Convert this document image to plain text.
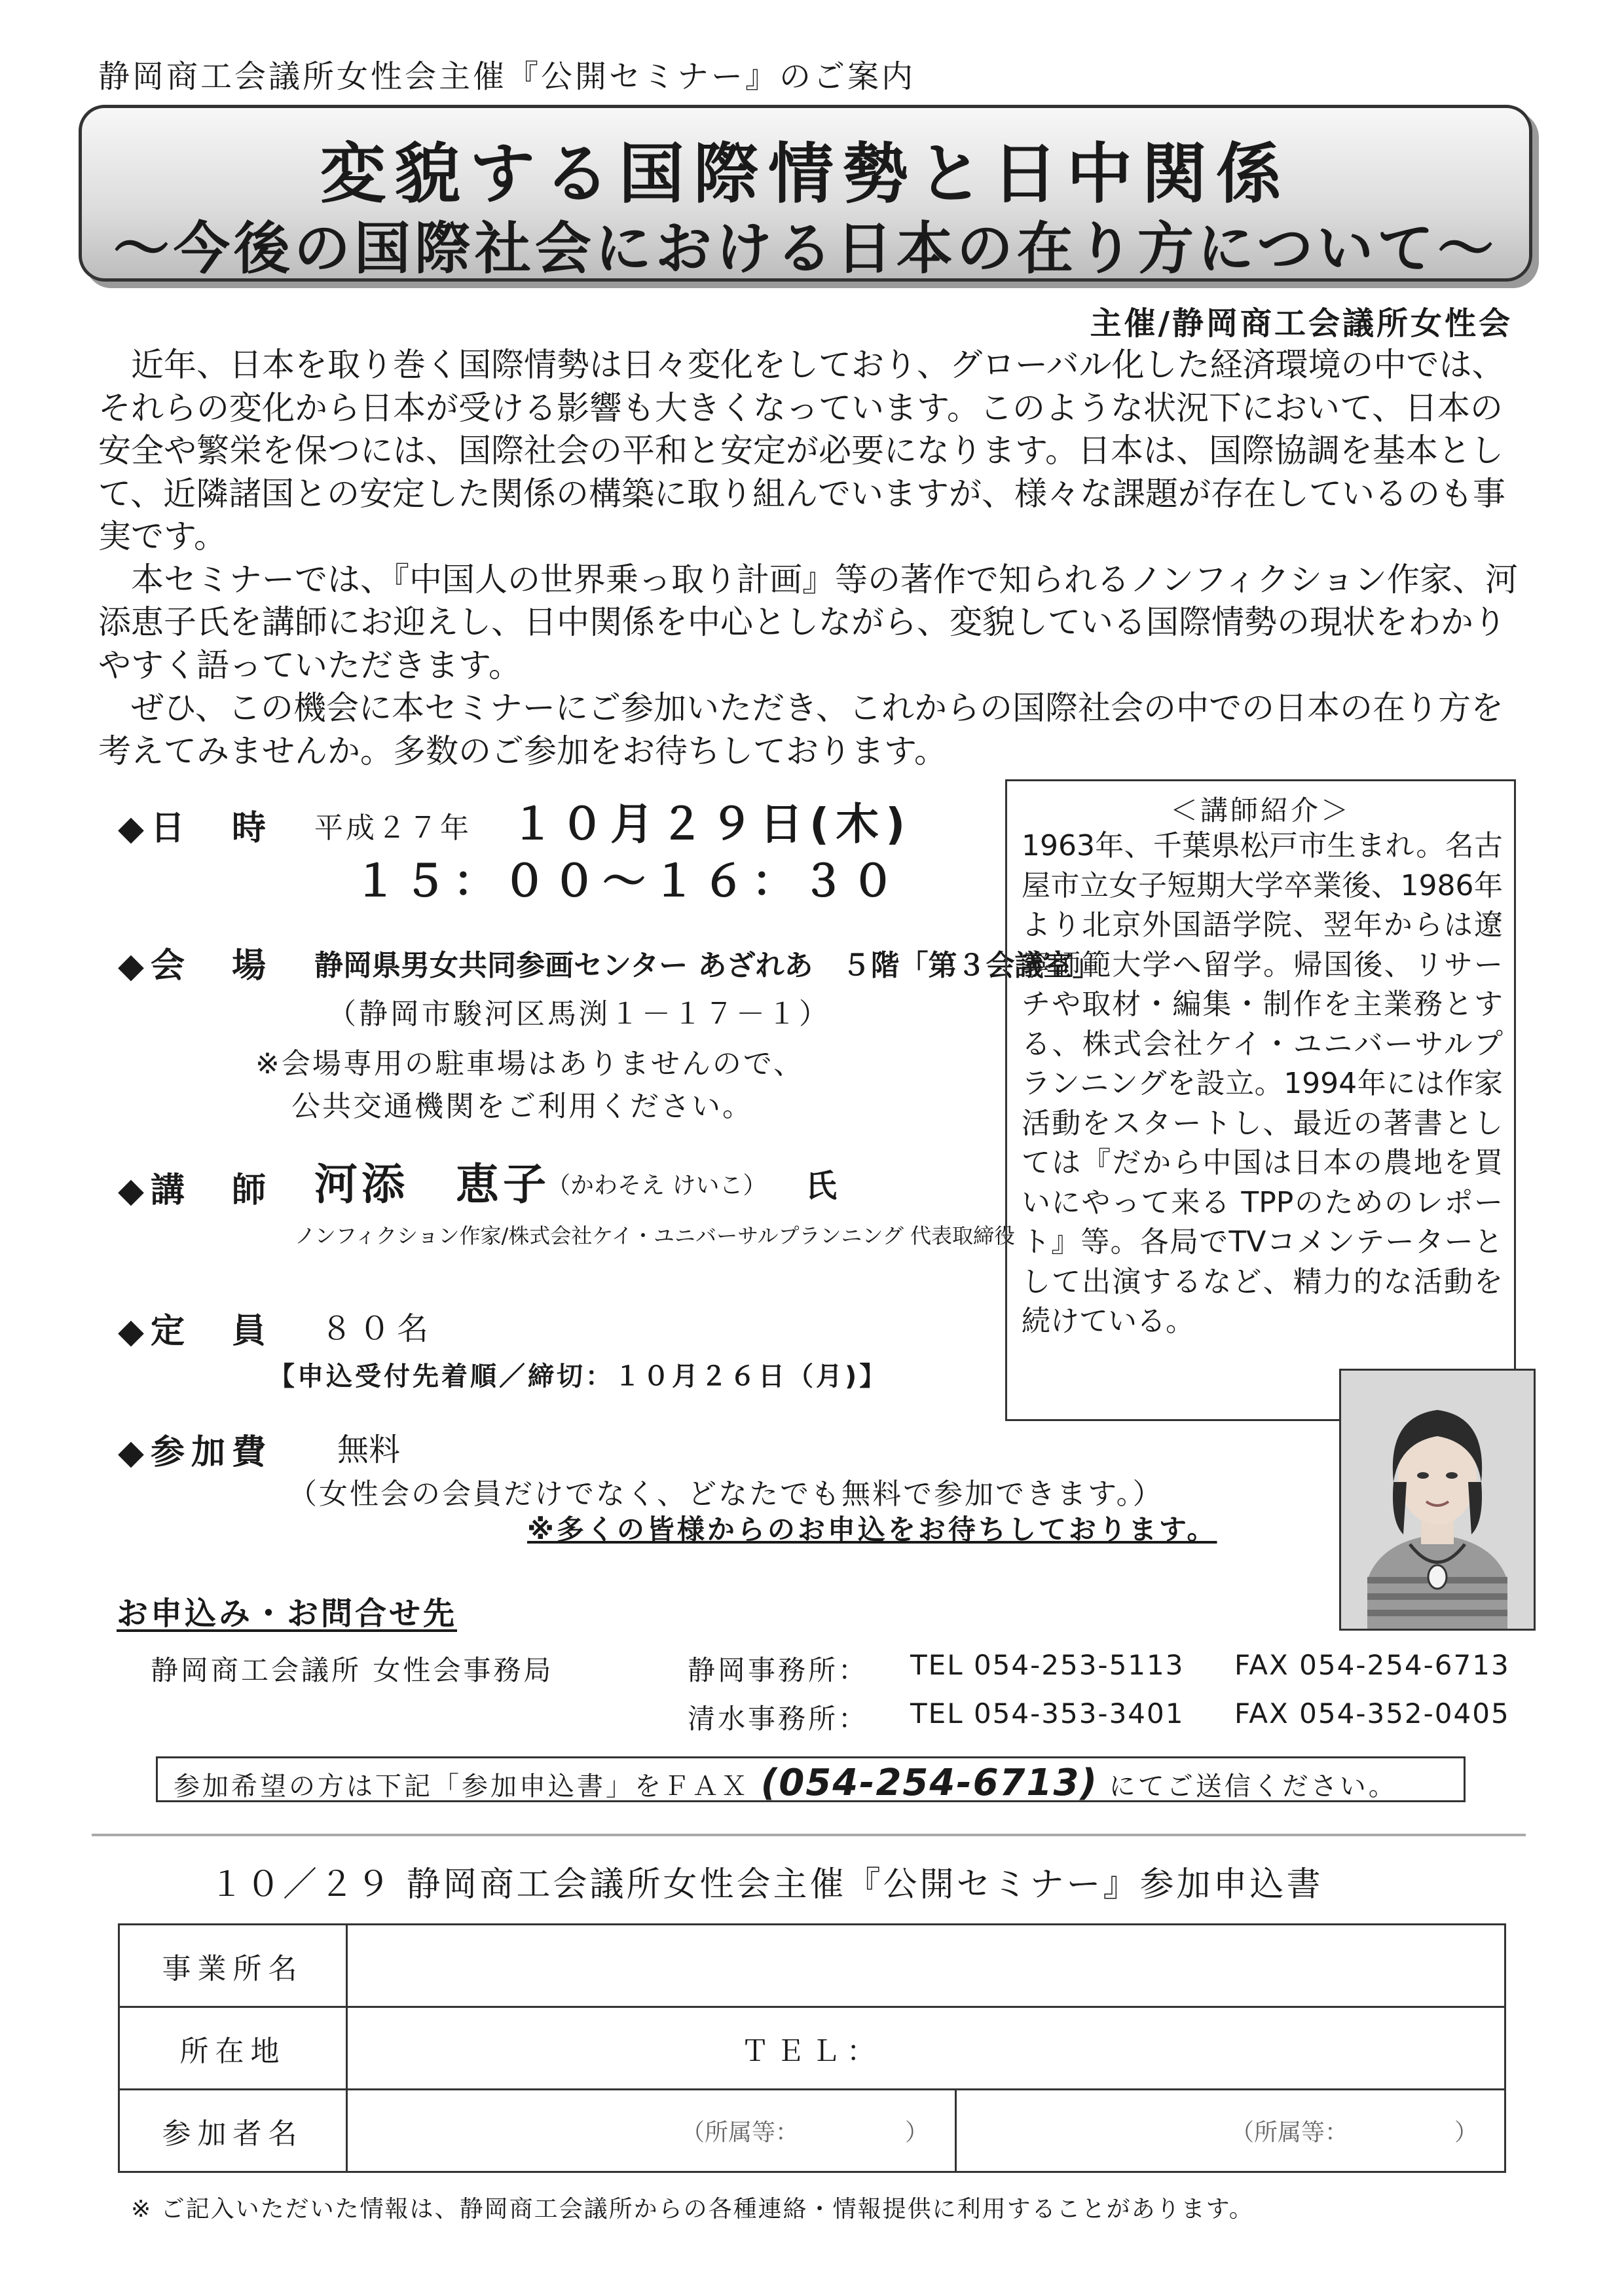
静岡商工会議所女性会主催『公開セミナー』のご案内
変貌する国際情勢と日中関係
～今後の国際社会における日本の在り方について～
主催/静岡商工会議所女性会

近年、日本を取り巻く国際情勢は日々変化をしており、グローバル化した経済環境の中では、それらの変化から日本が受ける影響も大きくなっています。このような状況下において、日本の安全や繁栄を保つには、国際社会の平和と安定が必要になります。日本は、国際協調を基本として、近隣諸国との安定した関係の構築に取り組んでいますが、様々な課題が存在しているのも事実です。

本セミナーでは、『中国人の世界乗っ取り計画』等の著作で知られるノンフィクション作家、河添恵子氏を講師にお迎えし、日中関係を中心としながら、変貌している国際情勢の現状をわかりやすく語っていただきます。

ぜひ、この機会に本セミナーにご参加いただき、これからの国際社会の中での日本の在り方を考えてみませんか。多数のご参加をお待ちしております。

◆日　時 平成２７年 １０月２９日(木)
１５：００～１６：３０
◆会　場 静岡県男女共同参画センター あざれあ　５階「第３会議室」
（静岡市駿河区馬渕１－１７－１）
※会場専用の駐車場はありませんので、
公共交通機関をご利用ください。
◆講　師 河添　恵子
（かわそえ けいこ） 氏
ノンフィクション作家/株式会社ケイ・ユニバーサルプランニング 代表取締役
◆定　員 ８０名
【申込受付先着順／締切：１０月２６日（月)】
◆参加費 無料
（女性会の会員だけでなく、どなたでも無料で参加できます。）
※多くの皆様からのお申込をお待ちしております。
＜講師紹介＞
1963年、千葉県松戸市生まれ。名古屋市立女子短期大学卒業後、1986年より北京外国語学院、翌年からは遼寧師範大学へ留学。帰国後、リサーチや取材・編集・制作を主業務とする、株式会社ケイ・ユニバーサルプランニングを設立。1994年には作家活動をスタートし、最近の著書としては『だから中国は日本の農地を買いにやって来る TPPのためのレポート』等。各局でTVコメンテーターとして出演するなど、精力的な活動を続けている。
お申込み・お問合せ先
静岡商工会議所 女性会事務局	静岡事務所： TEL 054-253-5113 FAX 054-254-6713
清水事務所： TEL 054-353-3401 FAX 054-352-0405
参加希望の方は下記「参加申込書」をＦＡＸ (054-254-6713) にてご送信ください。
１０／２９ 静岡商工会議所女性会主催『公開セミナー』参加申込書
事業所名		
所在地	ＴＥＬ：	
参加者名	（所属等：　　　　　）	（所属等：　　　　　）
※ ご記入いただいた情報は、静岡商工会議所からの各種連絡・情報提供に利用することがあります。
